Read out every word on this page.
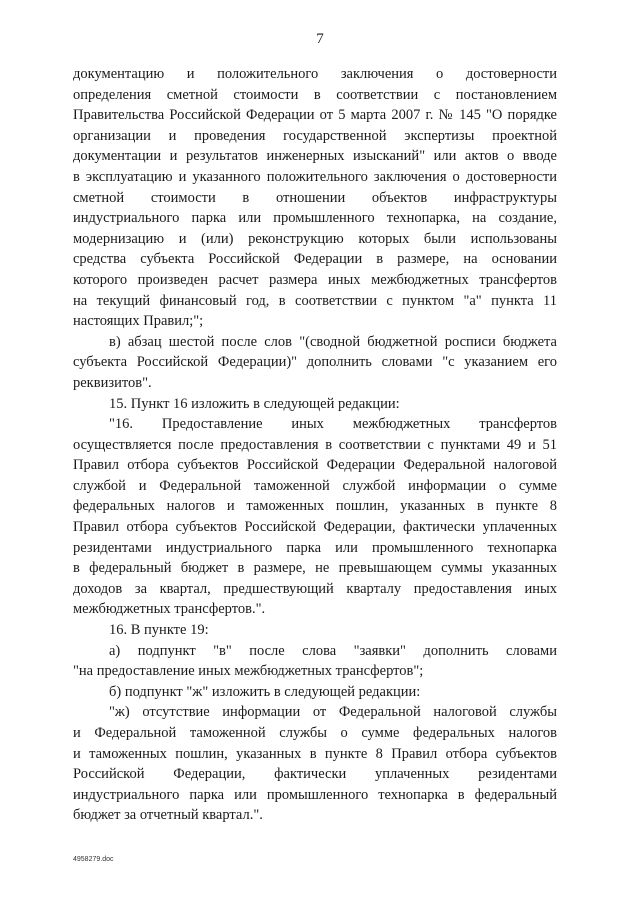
7
документацию и положительного заключения о достоверности
определения сметной стоимости в соответствии с постановлением
Правительства Российской Федерации от 5 марта 2007 г. № 145 "О порядке
организации и проведения государственной экспертизы проектной
документации и результатов инженерных изысканий" или актов о вводе
в эксплуатацию и указанного положительного заключения о достоверности
сметной стоимости в отношении объектов инфраструктуры
индустриального парка или промышленного технопарка, на создание,
модернизацию и (или) реконструкцию которых были использованы
средства субъекта Российской Федерации в размере, на основании
которого произведен расчет размера иных межбюджетных трансфертов
на текущий финансовый год, в соответствии с пунктом "а" пункта 11
настоящих Правил;";
в) абзац шестой после слов "(сводной бюджетной росписи бюджета
субъекта Российской Федерации)" дополнить словами "с указанием его
реквизитов".
15. Пункт 16 изложить в следующей редакции:
"16. Предоставление иных межбюджетных трансфертов
осуществляется после предоставления в соответствии с пунктами 49 и 51
Правил отбора субъектов Российской Федерации Федеральной налоговой
службой и Федеральной таможенной службой информации о сумме
федеральных налогов и таможенных пошлин, указанных в пункте 8
Правил отбора субъектов Российской Федерации, фактически уплаченных
резидентами индустриального парка или промышленного технопарка
в федеральный бюджет в размере, не превышающем суммы указанных
доходов за квартал, предшествующий кварталу предоставления иных
межбюджетных трансфертов.".
16. В пункте 19:
а) подпункт "в" после слова "заявки" дополнить словами
"на предоставление иных межбюджетных трансфертов";
б) подпункт "ж" изложить в следующей редакции:
"ж) отсутствие информации от Федеральной налоговой службы
и Федеральной таможенной службы о сумме федеральных налогов
и таможенных пошлин, указанных в пункте 8 Правил отбора субъектов
Российской Федерации, фактически уплаченных резидентами
индустриального парка или промышленного технопарка в федеральный
бюджет за отчетный квартал.".
4958279.doc
